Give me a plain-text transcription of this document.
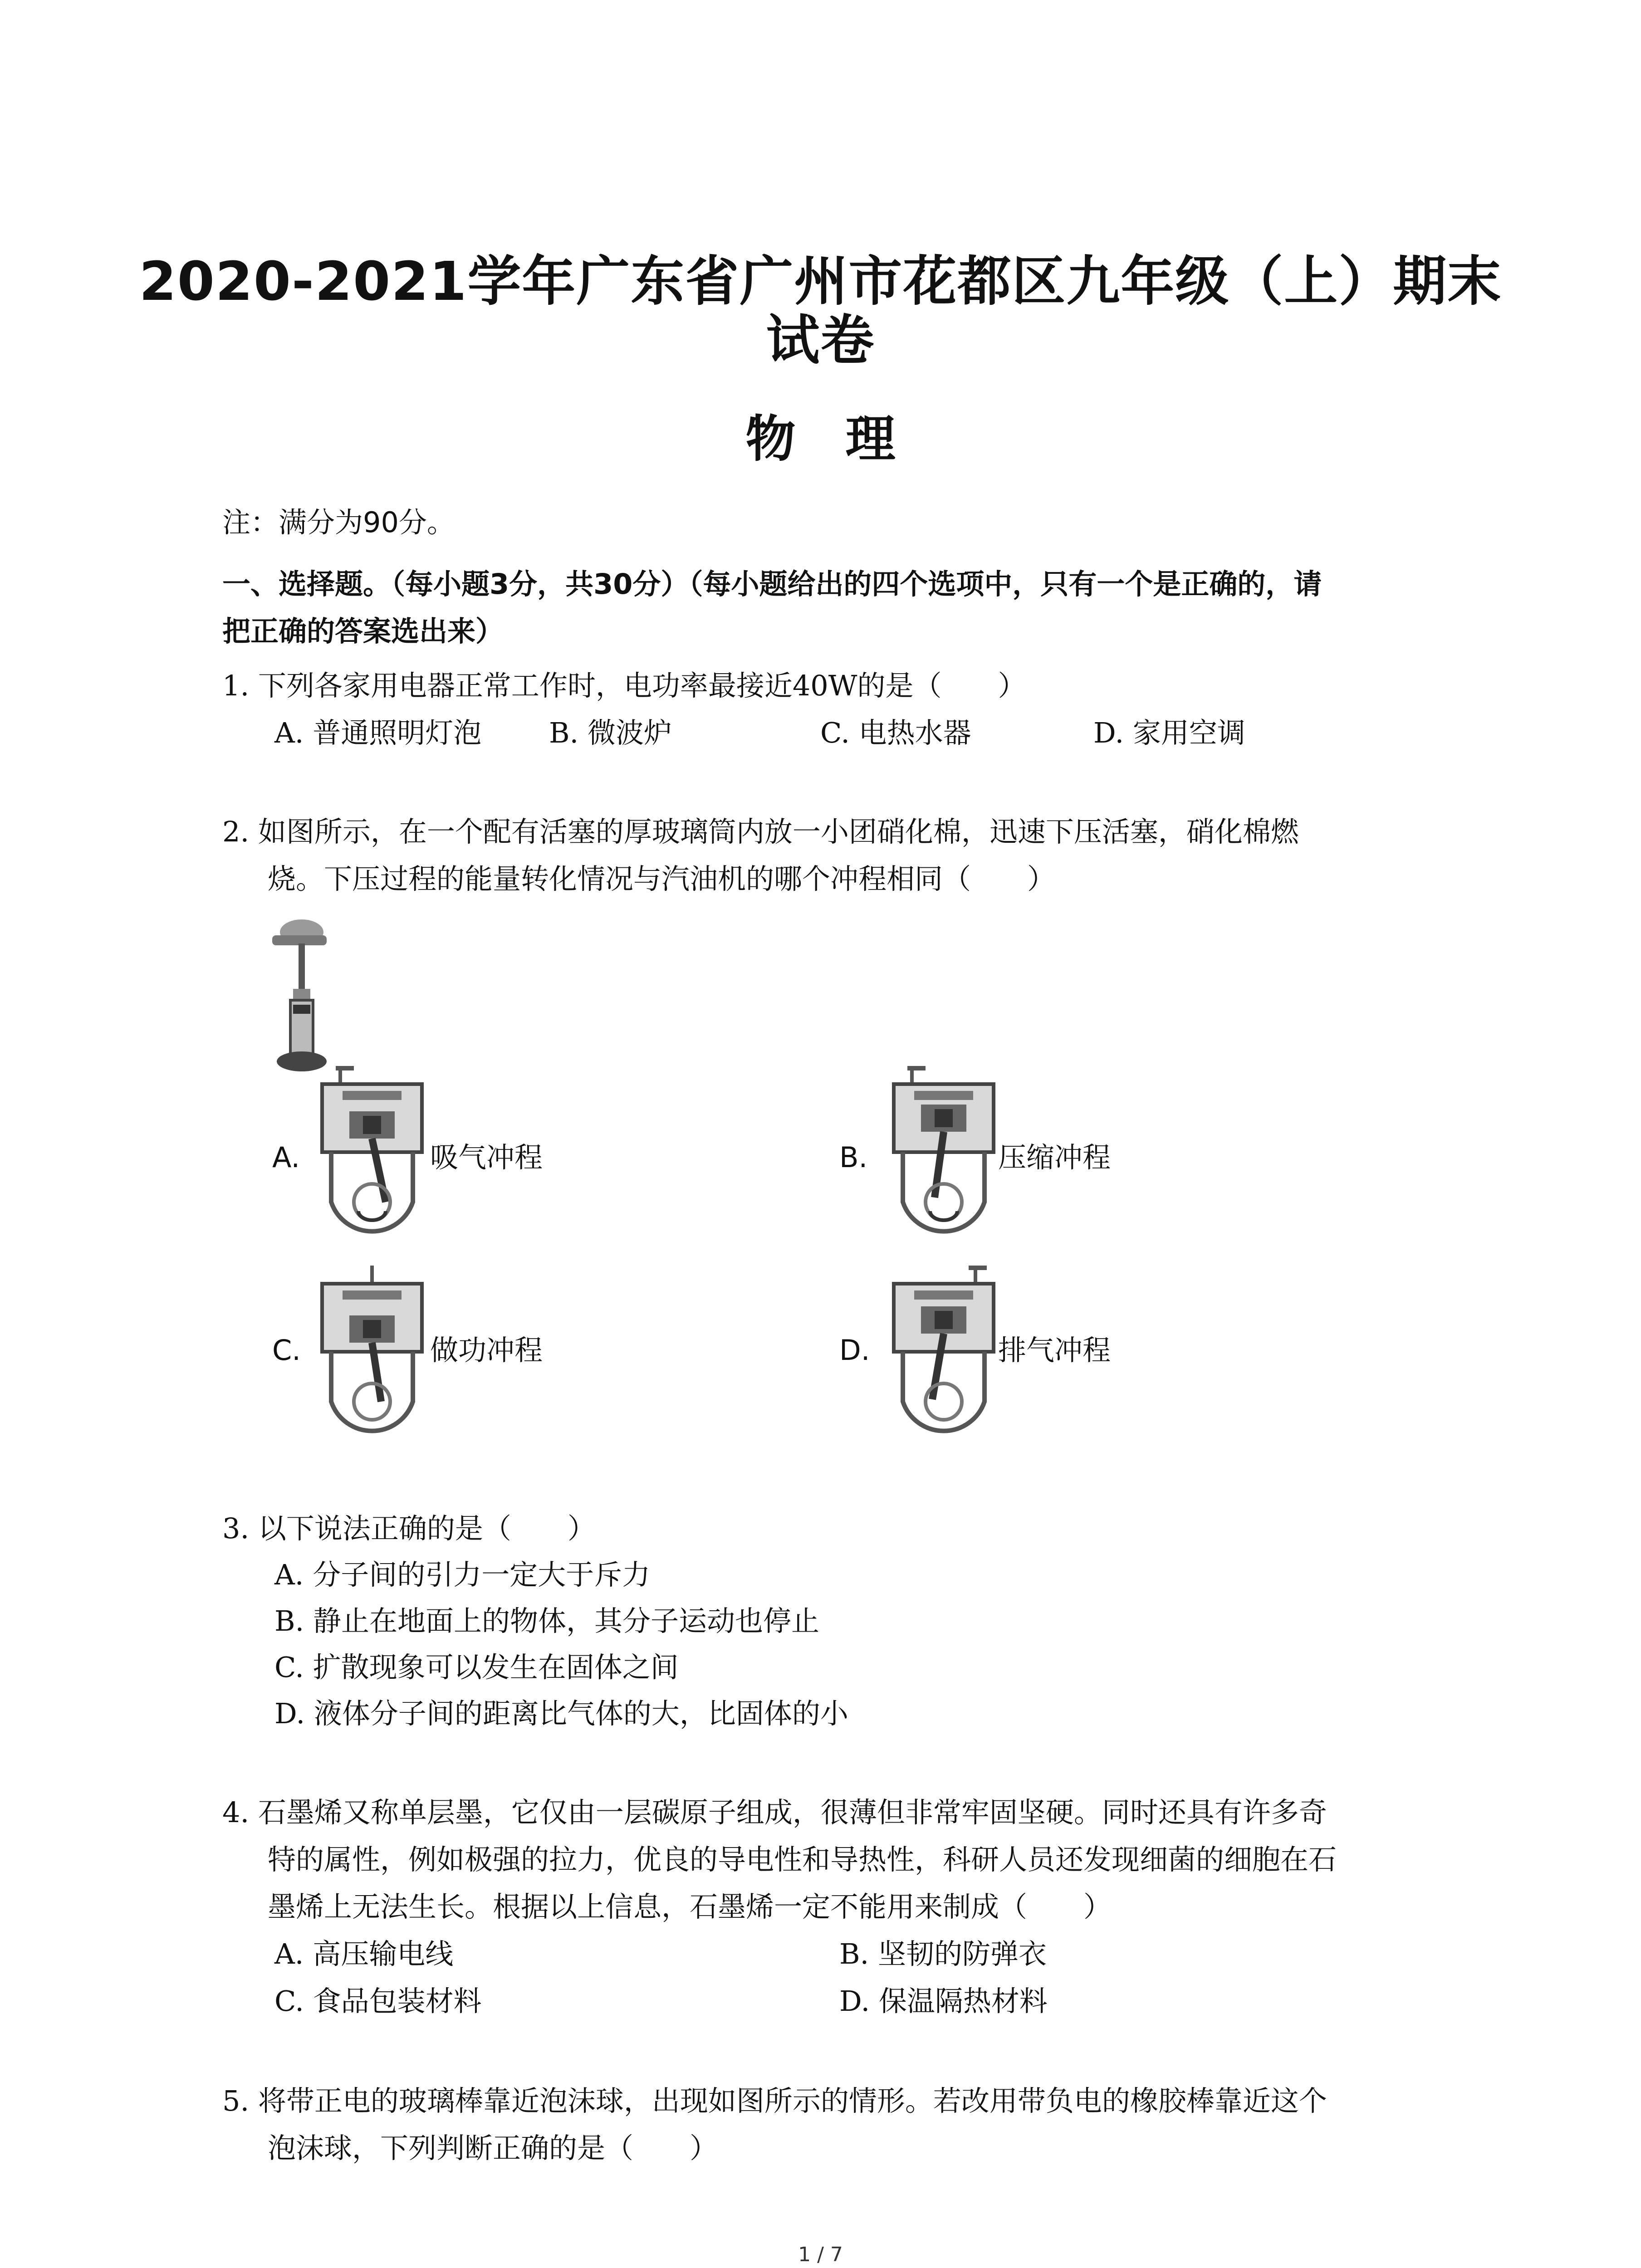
2020-2021学年广东省广州市花都区九年级（上）期末
试卷
物理
注：满分为90分。
一、选择题。（每小题3分，共30分）（每小题给出的四个选项中，只有一个是正确的，请
把正确的答案选出来）
1. 下列各家用电器正常工作时，电功率最接近40W的是（　　）
A. 普通照明灯泡 B. 微波炉	C. 电热水器	D. 家用空调
2. 如图所示，在一个配有活塞的厚玻璃筒内放一小团硝化棉，迅速下压活塞，硝化棉燃
烧。下压过程的能量转化情况与汽油机的哪个冲程相同（　　）
A.	吸气冲程	B.	压缩冲程
C.	做功冲程	D.	排气冲程
3. 以下说法正确的是（　　）
A. 分子间的引力一定大于斥力
B. 静止在地面上的物体，其分子运动也停止
C. 扩散现象可以发生在固体之间
D. 液体分子间的距离比气体的大，比固体的小
4. 石墨烯又称单层墨，它仅由一层碳原子组成，很薄但非常牢固坚硬。同时还具有许多奇
特的属性，例如极强的拉力，优良的导电性和导热性，科研人员还发现细菌的细胞在石
墨烯上无法生长。根据以上信息，石墨烯一定不能用来制成（　　）
A. 高压输电线	B. 坚韧的防弹衣
C. 食品包装材料	D. 保温隔热材料
5. 将带正电的玻璃棒靠近泡沫球，出现如图所示的情形。若改用带负电的橡胶棒靠近这个
泡沫球，下列判断正确的是（　　）
1 / 7
